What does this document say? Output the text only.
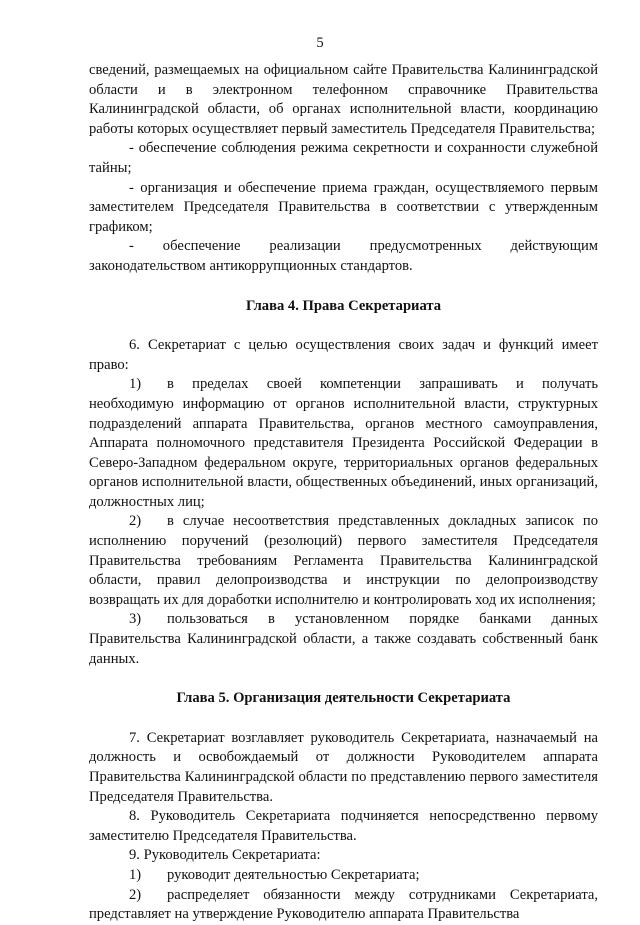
5

сведений, размещаемых на официальном сайте Правительства Калининградской области и в электронном телефонном справочнике Правительства Калининградской области, об органах исполнительной власти, координацию работы которых осуществляет первый заместитель Председателя Правительства;

- обеспечение соблюдения режима секретности и сохранности служебной тайны;

- организация и обеспечение приема граждан, осуществляемого первым заместителем Председателя Правительства в соответствии с утвержденным графиком;

- обеспечение реализации предусмотренных действующим законодательством антикоррупционных стандартов.

Глава 4. Права Секретариата

6. Секретариат с целью осуществления своих задач и функций имеет право:

1) в пределах своей компетенции запрашивать и получать необходимую информацию от органов исполнительной власти, структурных подразделений аппарата Правительства, органов местного самоуправления, Аппарата полномочного представителя Президента Российской Федерации в Северо-Западном федеральном округе, территориальных органов федеральных органов исполнительной власти, общественных объединений, иных организаций, должностных лиц;

2) в случае несоответствия представленных докладных записок по исполнению поручений (резолюций) первого заместителя Председателя Правительства требованиям Регламента Правительства Калининградской области, правил делопроизводства и инструкции по делопроизводству возвращать их для доработки исполнителю и контролировать ход их исполнения;

3) пользоваться в установленном порядке банками данных Правительства Калининградской области, а также создавать собственный банк данных.

Глава 5. Организация деятельности Секретариата

7. Секретариат возглавляет руководитель Секретариата, назначаемый на должность и освобождаемый от должности Руководителем аппарата Правительства Калининградской области по представлению первого заместителя Председателя Правительства.

8. Руководитель Секретариата подчиняется непосредственно первому заместителю Председателя Правительства.

9. Руководитель Секретариата:

1) руководит деятельностью Секретариата;

2) распределяет обязанности между сотрудниками Секретариата, представляет на утверждение Руководителю аппарата Правительства
